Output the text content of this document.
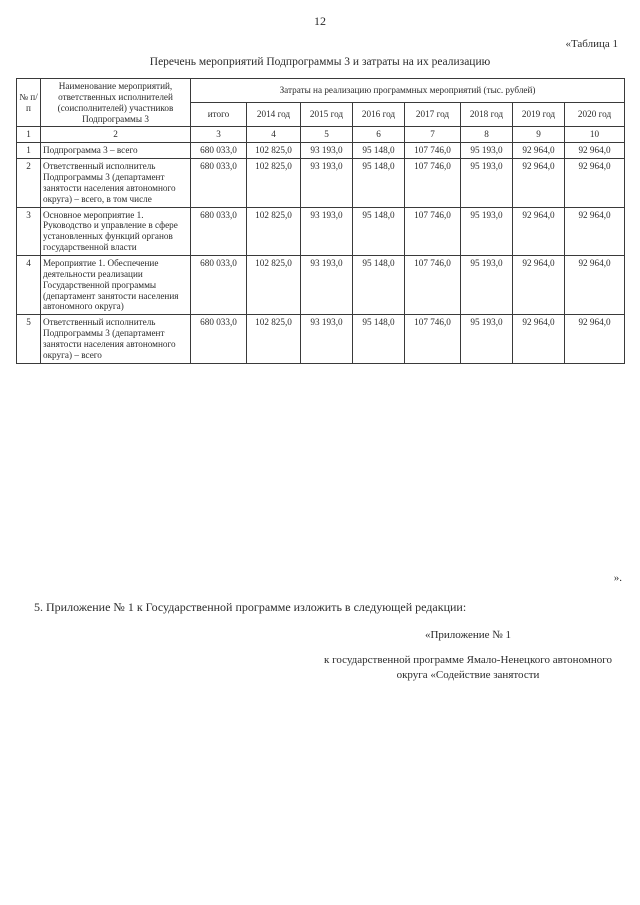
12
«Таблица 1
Перечень мероприятий Подпрограммы 3 и затраты на их реализацию
№ п/п	Наименование мероприятий, ответственных исполнителей (соисполнителей) участников Подпрограммы 3	Затраты на реализацию программных мероприятий (тыс. рублей)							
		итого	2014 год	2015 год	2016 год	2017 год	2018 год	2019 год	2020 год
1	2	3	4	5	6	7	8	9	10
1	Подпрограмма 3 – всего	680 033,0	102 825,0	93 193,0	95 148,0	107 746,0	95 193,0	92 964,0	92 964,0
2	Ответственный исполнитель Подпрограммы 3 (департамент занятости населения автономного округа) – всего, в том числе	680 033,0	102 825,0	93 193,0	95 148,0	107 746,0	95 193,0	92 964,0	92 964,0
3	Основное мероприятие 1. Руководство и управление в сфере установленных функций органов государственной власти	680 033,0	102 825,0	93 193,0	95 148,0	107 746,0	95 193,0	92 964,0	92 964,0
4	Мероприятие 1. Обеспечение деятельности реализации Государственной программы (департамент занятости населения автономного округа)	680 033,0	102 825,0	93 193,0	95 148,0	107 746,0	95 193,0	92 964,0	92 964,0
5	Ответственный исполнитель Подпрограммы 3 (департамент занятости населения автономного округа) – всего	680 033,0	102 825,0	93 193,0	95 148,0	107 746,0	95 193,0	92 964,0	92 964,0
».
5. Приложение № 1 к Государственной программе изложить в следующей редакции:
«Приложение № 1
к государственной программе Ямало-Ненецкого автономного округа «Содействие занятости
